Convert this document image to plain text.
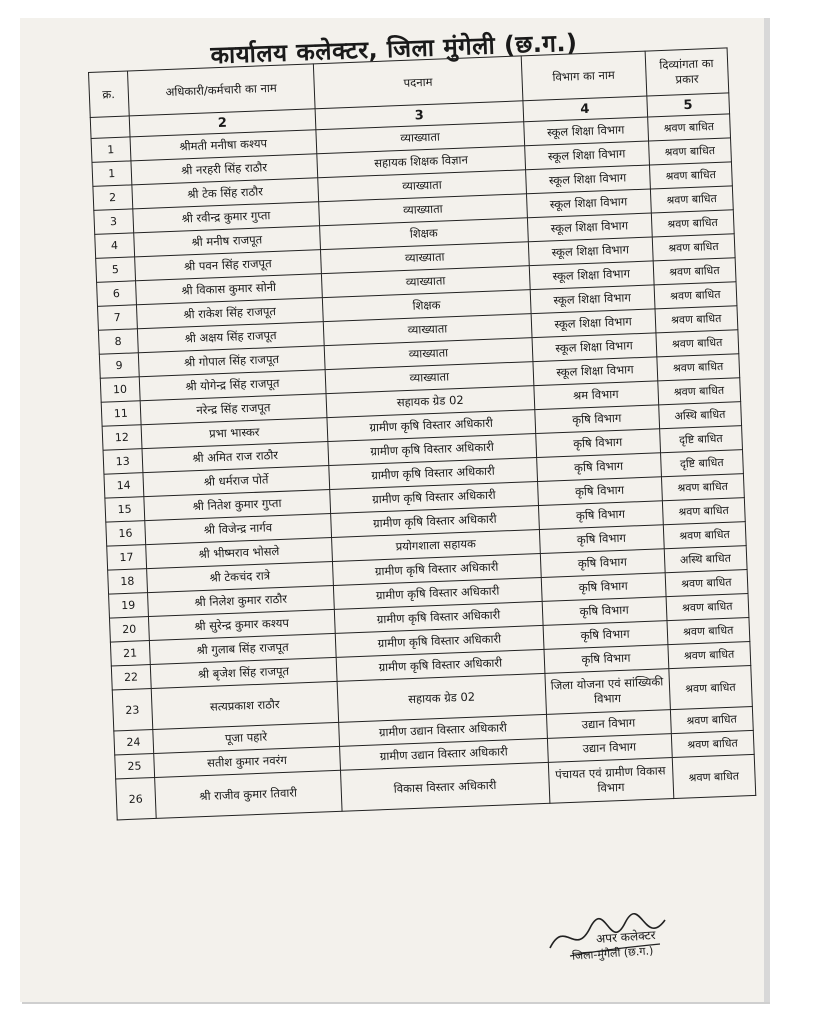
कार्यालय कलेक्टर, जिला मुंगेली (छ.ग.)
क्र.	अधिकारी/कर्मचारी का नाम	पदनाम	विभाग का नाम	दिव्यांगता का प्रकार
	2	3	4	5
1	श्रीमती मनीषा कश्यप	व्याख्याता	स्कूल शिक्षा विभाग	श्रवण बाधित
1	श्री नरहरी सिंह राठौर	सहायक शिक्षक विज्ञान	स्कूल शिक्षा विभाग	श्रवण बाधित
2	श्री टेक सिंह राठौर	व्याख्याता	स्कूल शिक्षा विभाग	श्रवण बाधित
3	श्री रवीन्द्र कुमार गुप्ता	व्याख्याता	स्कूल शिक्षा विभाग	श्रवण बाधित
4	श्री मनीष राजपूत	शिक्षक	स्कूल शिक्षा विभाग	श्रवण बाधित
5	श्री पवन सिंह राजपूत	व्याख्याता	स्कूल शिक्षा विभाग	श्रवण बाधित
6	श्री विकास कुमार सोनी	व्याख्याता	स्कूल शिक्षा विभाग	श्रवण बाधित
7	श्री राकेश सिंह राजपूत	शिक्षक	स्कूल शिक्षा विभाग	श्रवण बाधित
8	श्री अक्षय सिंह राजपूत	व्याख्याता	स्कूल शिक्षा विभाग	श्रवण बाधित
9	श्री गोपाल सिंह राजपूत	व्याख्याता	स्कूल शिक्षा विभाग	श्रवण बाधित
10	श्री योगेन्द्र सिंह राजपूत	व्याख्याता	स्कूल शिक्षा विभाग	श्रवण बाधित
11	नरेन्द्र सिंह राजपूत	सहायक ग्रेड 02	श्रम विभाग	श्रवण बाधित
12	प्रभा भास्कर	ग्रामीण कृषि विस्तार अधिकारी	कृषि विभाग	अस्थि बाधित
13	श्री अमित राज राठौर	ग्रामीण कृषि विस्तार अधिकारी	कृषि विभाग	दृष्टि बाधित
14	श्री धर्मराज पोर्ते	ग्रामीण कृषि विस्तार अधिकारी	कृषि विभाग	दृष्टि बाधित
15	श्री नितेश कुमार गुप्ता	ग्रामीण कृषि विस्तार अधिकारी	कृषि विभाग	श्रवण बाधित
16	श्री विजेन्द्र नार्गव	ग्रामीण कृषि विस्तार अधिकारी	कृषि विभाग	श्रवण बाधित
17	श्री भीष्मराव भोसले	प्रयोगशाला सहायक	कृषि विभाग	श्रवण बाधित
18	श्री टेकचंद रात्रे	ग्रामीण कृषि विस्तार अधिकारी	कृषि विभाग	अस्थि बाधित
19	श्री निलेश कुमार राठौर	ग्रामीण कृषि विस्तार अधिकारी	कृषि विभाग	श्रवण बाधित
20	श्री सुरेन्द्र कुमार कश्यप	ग्रामीण कृषि विस्तार अधिकारी	कृषि विभाग	श्रवण बाधित
21	श्री गुलाब सिंह राजपूत	ग्रामीण कृषि विस्तार अधिकारी	कृषि विभाग	श्रवण बाधित
22	श्री बृजेश सिंह राजपूत	ग्रामीण कृषि विस्तार अधिकारी	कृषि विभाग	श्रवण बाधित
23	सत्यप्रकाश राठौर	सहायक ग्रेड 02	जिला योजना एवं सांख्यिकी विभाग	श्रवण बाधित
24	पूजा पहारे	ग्रामीण उद्यान विस्तार अधिकारी	उद्यान विभाग	श्रवण बाधित
25	सतीश कुमार नवरंग	ग्रामीण उद्यान विस्तार अधिकारी	उद्यान विभाग	श्रवण बाधित
26	श्री राजीव कुमार तिवारी	विकास विस्तार अधिकारी	पंचायत एवं ग्रामीण विकास विभाग	श्रवण बाधित
अपर कलेक्टर
जिला-मुंगेली (छ.ग.)
